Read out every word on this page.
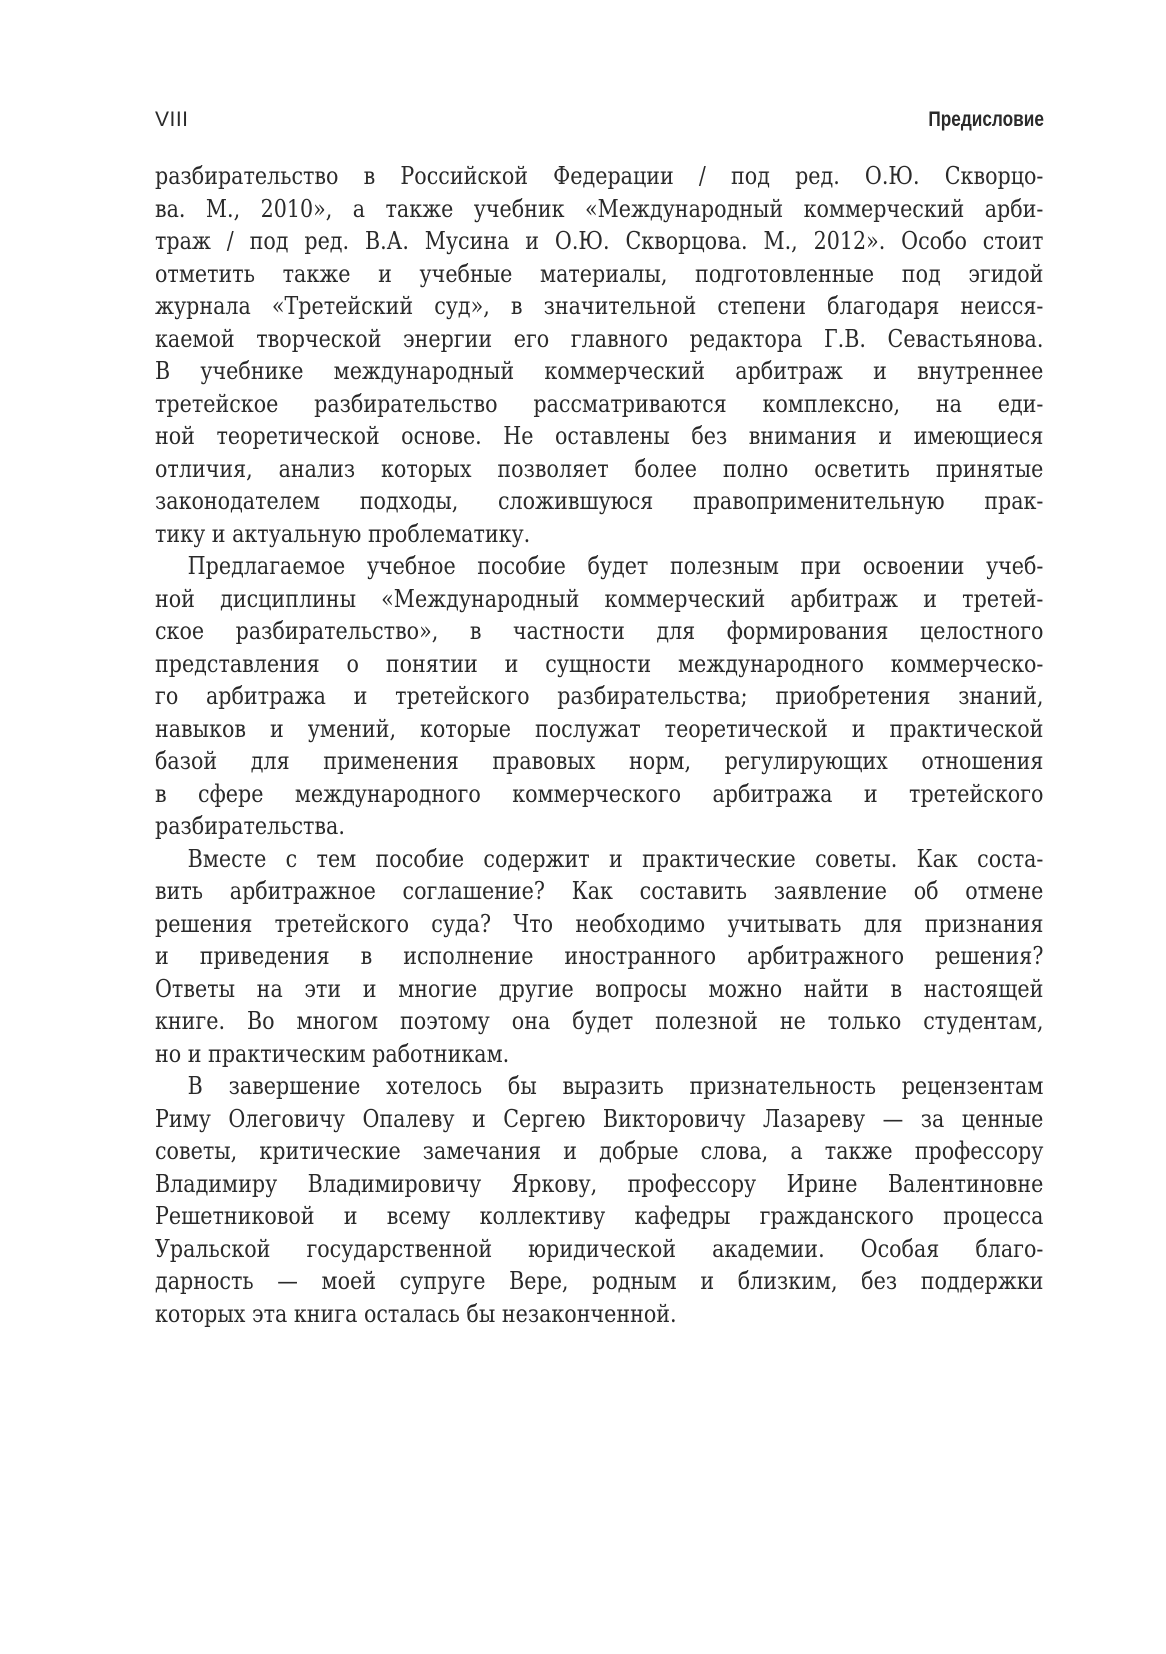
VIII	Предисловие
разбирательство в Российской Федерации / под ред. О.Ю. Скворцо-
ва. М., 2010», а также учебник «Международный коммерческий арби-
траж / под ред. В.А. Мусина и О.Ю. Скворцова. М., 2012». Особо стоит
отметить также и учебные материалы, подготовленные под эгидой
журнала «Третейский суд», в значительной степени благодаря неисся-
каемой творческой энергии его главного редактора Г.В. Севастьянова.
В учебнике международный коммерческий арбитраж и внутреннее
третейское разбирательство рассматриваются комплексно, на еди-
ной теоретической основе. Не оставлены без внимания и имеющиеся
отличия, анализ которых позволяет более полно осветить принятые
законодателем подходы, сложившуюся правоприменительную прак-
тику и актуальную проблематику.
Предлагаемое учебное пособие будет полезным при освоении учеб-
ной дисциплины «Международный коммерческий арбитраж и третей-
ское разбирательство», в частности для формирования целостного
представления о понятии и сущности международного коммерческо-
го арбитража и третейского разбирательства; приобретения знаний,
навыков и умений, которые послужат теоретической и практической
базой для применения правовых норм, регулирующих отношения
в сфере международного коммерческого арбитража и третейского
разбирательства.
Вместе с тем пособие содержит и практические советы. Как соста-
вить арбитражное соглашение? Как составить заявление об отмене
решения третейского суда? Что необходимо учитывать для признания
и приведения в исполнение иностранного арбитражного решения?
Ответы на эти и многие другие вопросы можно найти в настоящей
книге. Во многом поэтому она будет полезной не только студентам,
но и практическим работникам.
В завершение хотелось бы выразить признательность рецензентам
Риму Олеговичу Опалеву и Сергею Викторовичу Лазареву — за ценные
советы, критические замечания и добрые слова, а также профессору
Владимиру Владимировичу Яркову, профессору Ирине Валентиновне
Решетниковой и всему коллективу кафедры гражданского процесса
Уральской государственной юридической академии. Особая благо-
дарность — моей супруге Вере, родным и близким, без поддержки
которых эта книга осталась бы незаконченной.
